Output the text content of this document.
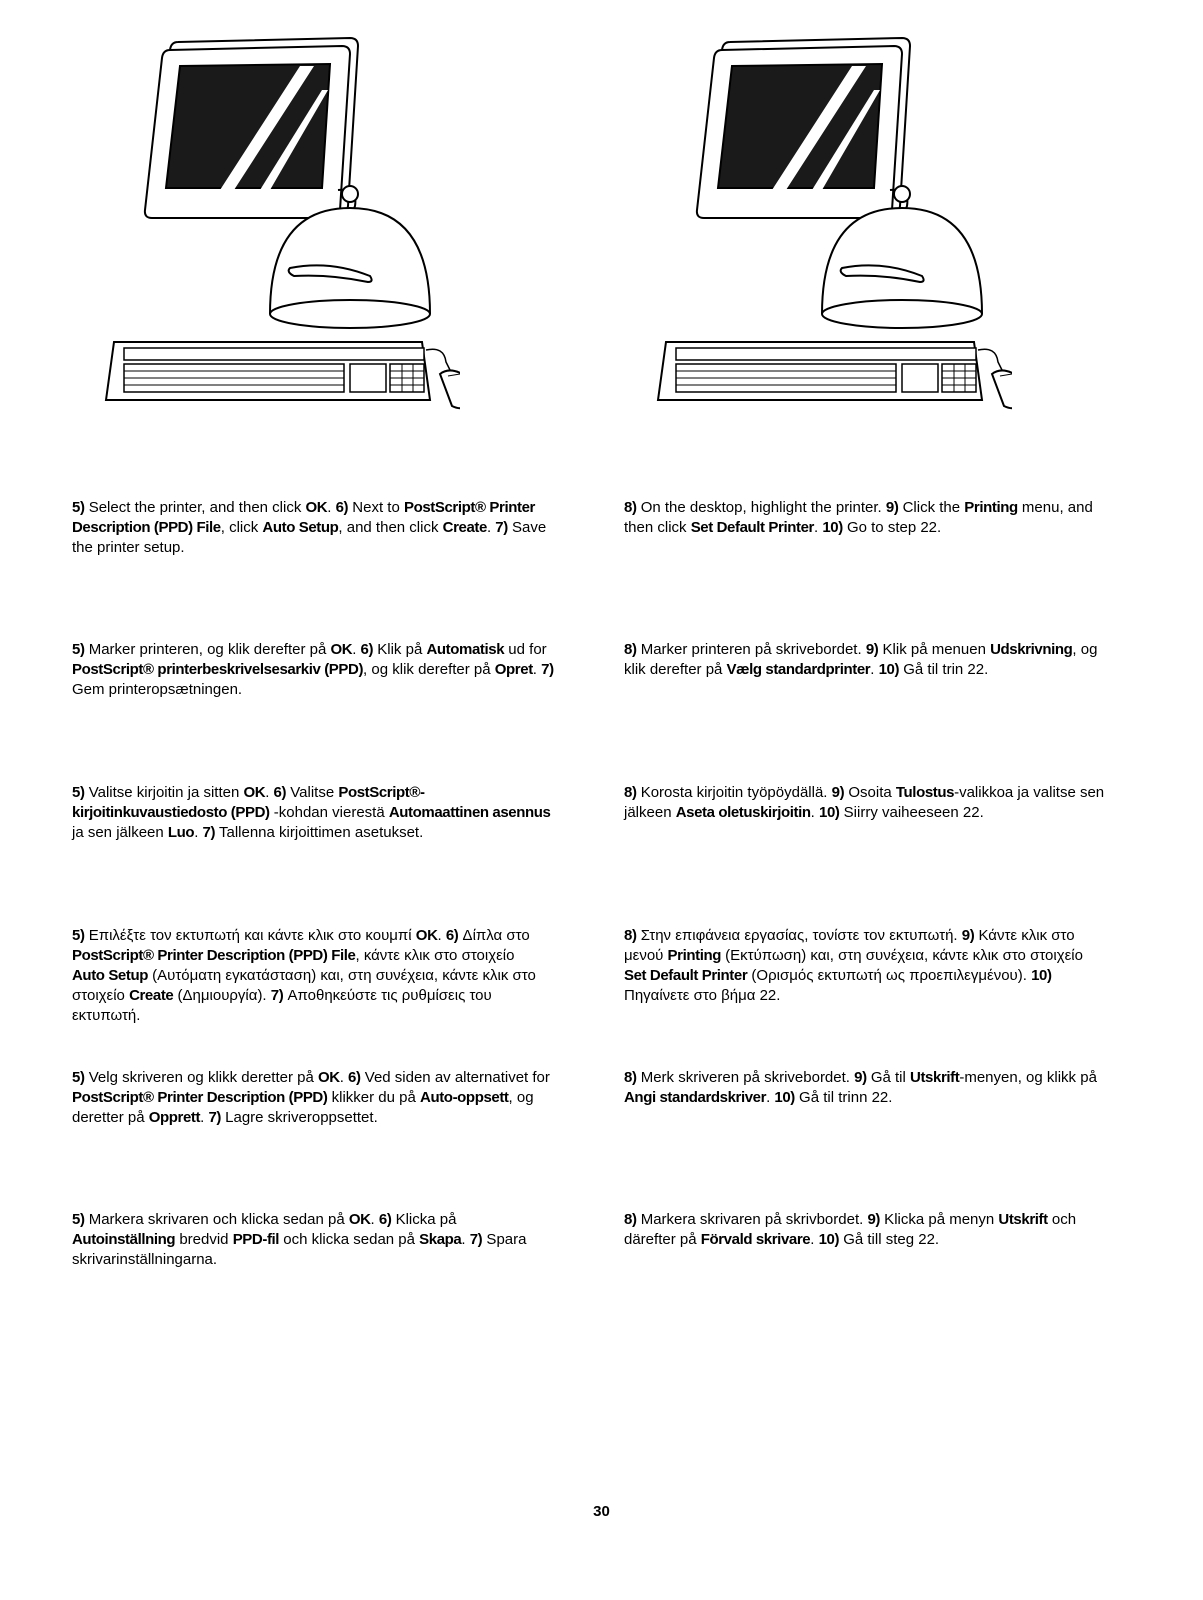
5) Select the printer, and then click OK. 6) Next to PostScript® Printer Description (PPD) File, click Auto Setup, and then click Create. 7) Save the printer setup.
8) On the desktop, highlight the printer. 9) Click the Printing menu, and then click Set Default Printer. 10) Go to step 22.
5) Marker printeren, og klik derefter på OK. 6) Klik på Automatisk ud for PostScript® printerbeskrivelsesarkiv (PPD), og klik derefter på Opret. 7) Gem printeropsætningen.
8) Marker printeren på skrivebordet. 9) Klik på menuen Udskrivning, og klik derefter på Vælg standardprinter. 10) Gå til trin 22.
5) Valitse kirjoitin ja sitten OK. 6) Valitse PostScript®-kirjoitinkuvaustiedosto (PPD) -kohdan vierestä Automaattinen asennus ja sen jälkeen Luo. 7) Tallenna kirjoittimen asetukset.
8) Korosta kirjoitin työpöydällä. 9) Osoita Tulostus-valikkoa ja valitse sen jälkeen Aseta oletuskirjoitin. 10) Siirry vaiheeseen 22.
5) Επιλέξτε τον εκτυπωτή και κάντε κλικ στο κουμπί OK. 6) Δίπλα στο PostScript® Printer Description (PPD) File, κάντε κλικ στο στοιχείο Auto Setup (Αυτόματη εγκατάσταση) και, στη συνέχεια, κάντε κλικ στο στοιχείο Create (Δημιουργία). 7) Αποθηκεύστε τις ρυθμίσεις του εκτυπωτή.
8) Στην επιφάνεια εργασίας, τονίστε τον εκτυπωτή. 9) Κάντε κλικ στο μενού Printing (Εκτύπωση) και, στη συνέχεια, κάντε κλικ στο στοιχείο Set Default Printer (Ορισμός εκτυπωτή ως προεπιλεγμένου). 10) Πηγαίνετε στο βήμα 22.
5) Velg skriveren og klikk deretter på OK. 6) Ved siden av alternativet for PostScript® Printer Description (PPD) klikker du på Auto-oppsett, og deretter på Opprett. 7) Lagre skriveroppsettet.
8) Merk skriveren på skrivebordet. 9) Gå til Utskrift-menyen, og klikk på Angi standardskriver. 10) Gå til trinn 22.
5) Markera skrivaren och klicka sedan på OK. 6) Klicka på Autoinställning bredvid PPD-fil och klicka sedan på Skapa. 7) Spara skrivarinställningarna.
8) Markera skrivaren på skrivbordet. 9) Klicka på menyn Utskrift och därefter på Förvald skrivare. 10) Gå till steg 22.
30
